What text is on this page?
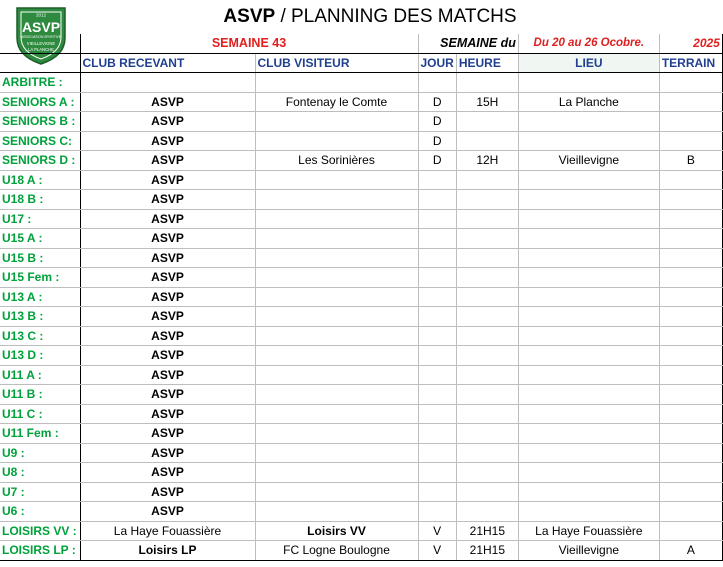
2012
ASVP
ASSOCIATION SPORTIVE
VIEILLEVIGNE
LA PLANCHE
ASVP / PLANNING DES MATCHS
	SEMAINE 43		SEMAINE du		Du 20 au 26 Ocobre.	2025
	CLUB RECEVANT	CLUB VISITEUR	JOUR	HEURE	LIEU	TERRAIN
ARBITRE :						
SENIORS A :	ASVP	Fontenay le Comte	D	15H	La Planche	
SENIORS B :	ASVP		D			
SENIORS C:	ASVP		D			
SENIORS D :	ASVP	Les Sorinières	D	12H	Vieillevigne	B
U18 A :	ASVP					
U18 B :	ASVP					
U17 :	ASVP					
U15 A :	ASVP					
U15 B :	ASVP					
U15 Fem :	ASVP					
U13 A :	ASVP					
U13 B :	ASVP					
U13 C :	ASVP					
U13 D :	ASVP					
U11 A :	ASVP					
U11 B :	ASVP					
U11 C :	ASVP					
U11 Fem :	ASVP					
U9 :	ASVP					
U8 :	ASVP					
U7 :	ASVP					
U6 :	ASVP					
LOISIRS VV :	La Haye Fouassière	Loisirs VV	V	21H15	La Haye Fouassière	
LOISIRS LP :	Loisirs LP	FC Logne Boulogne	V	21H15	Vieillevigne	A
